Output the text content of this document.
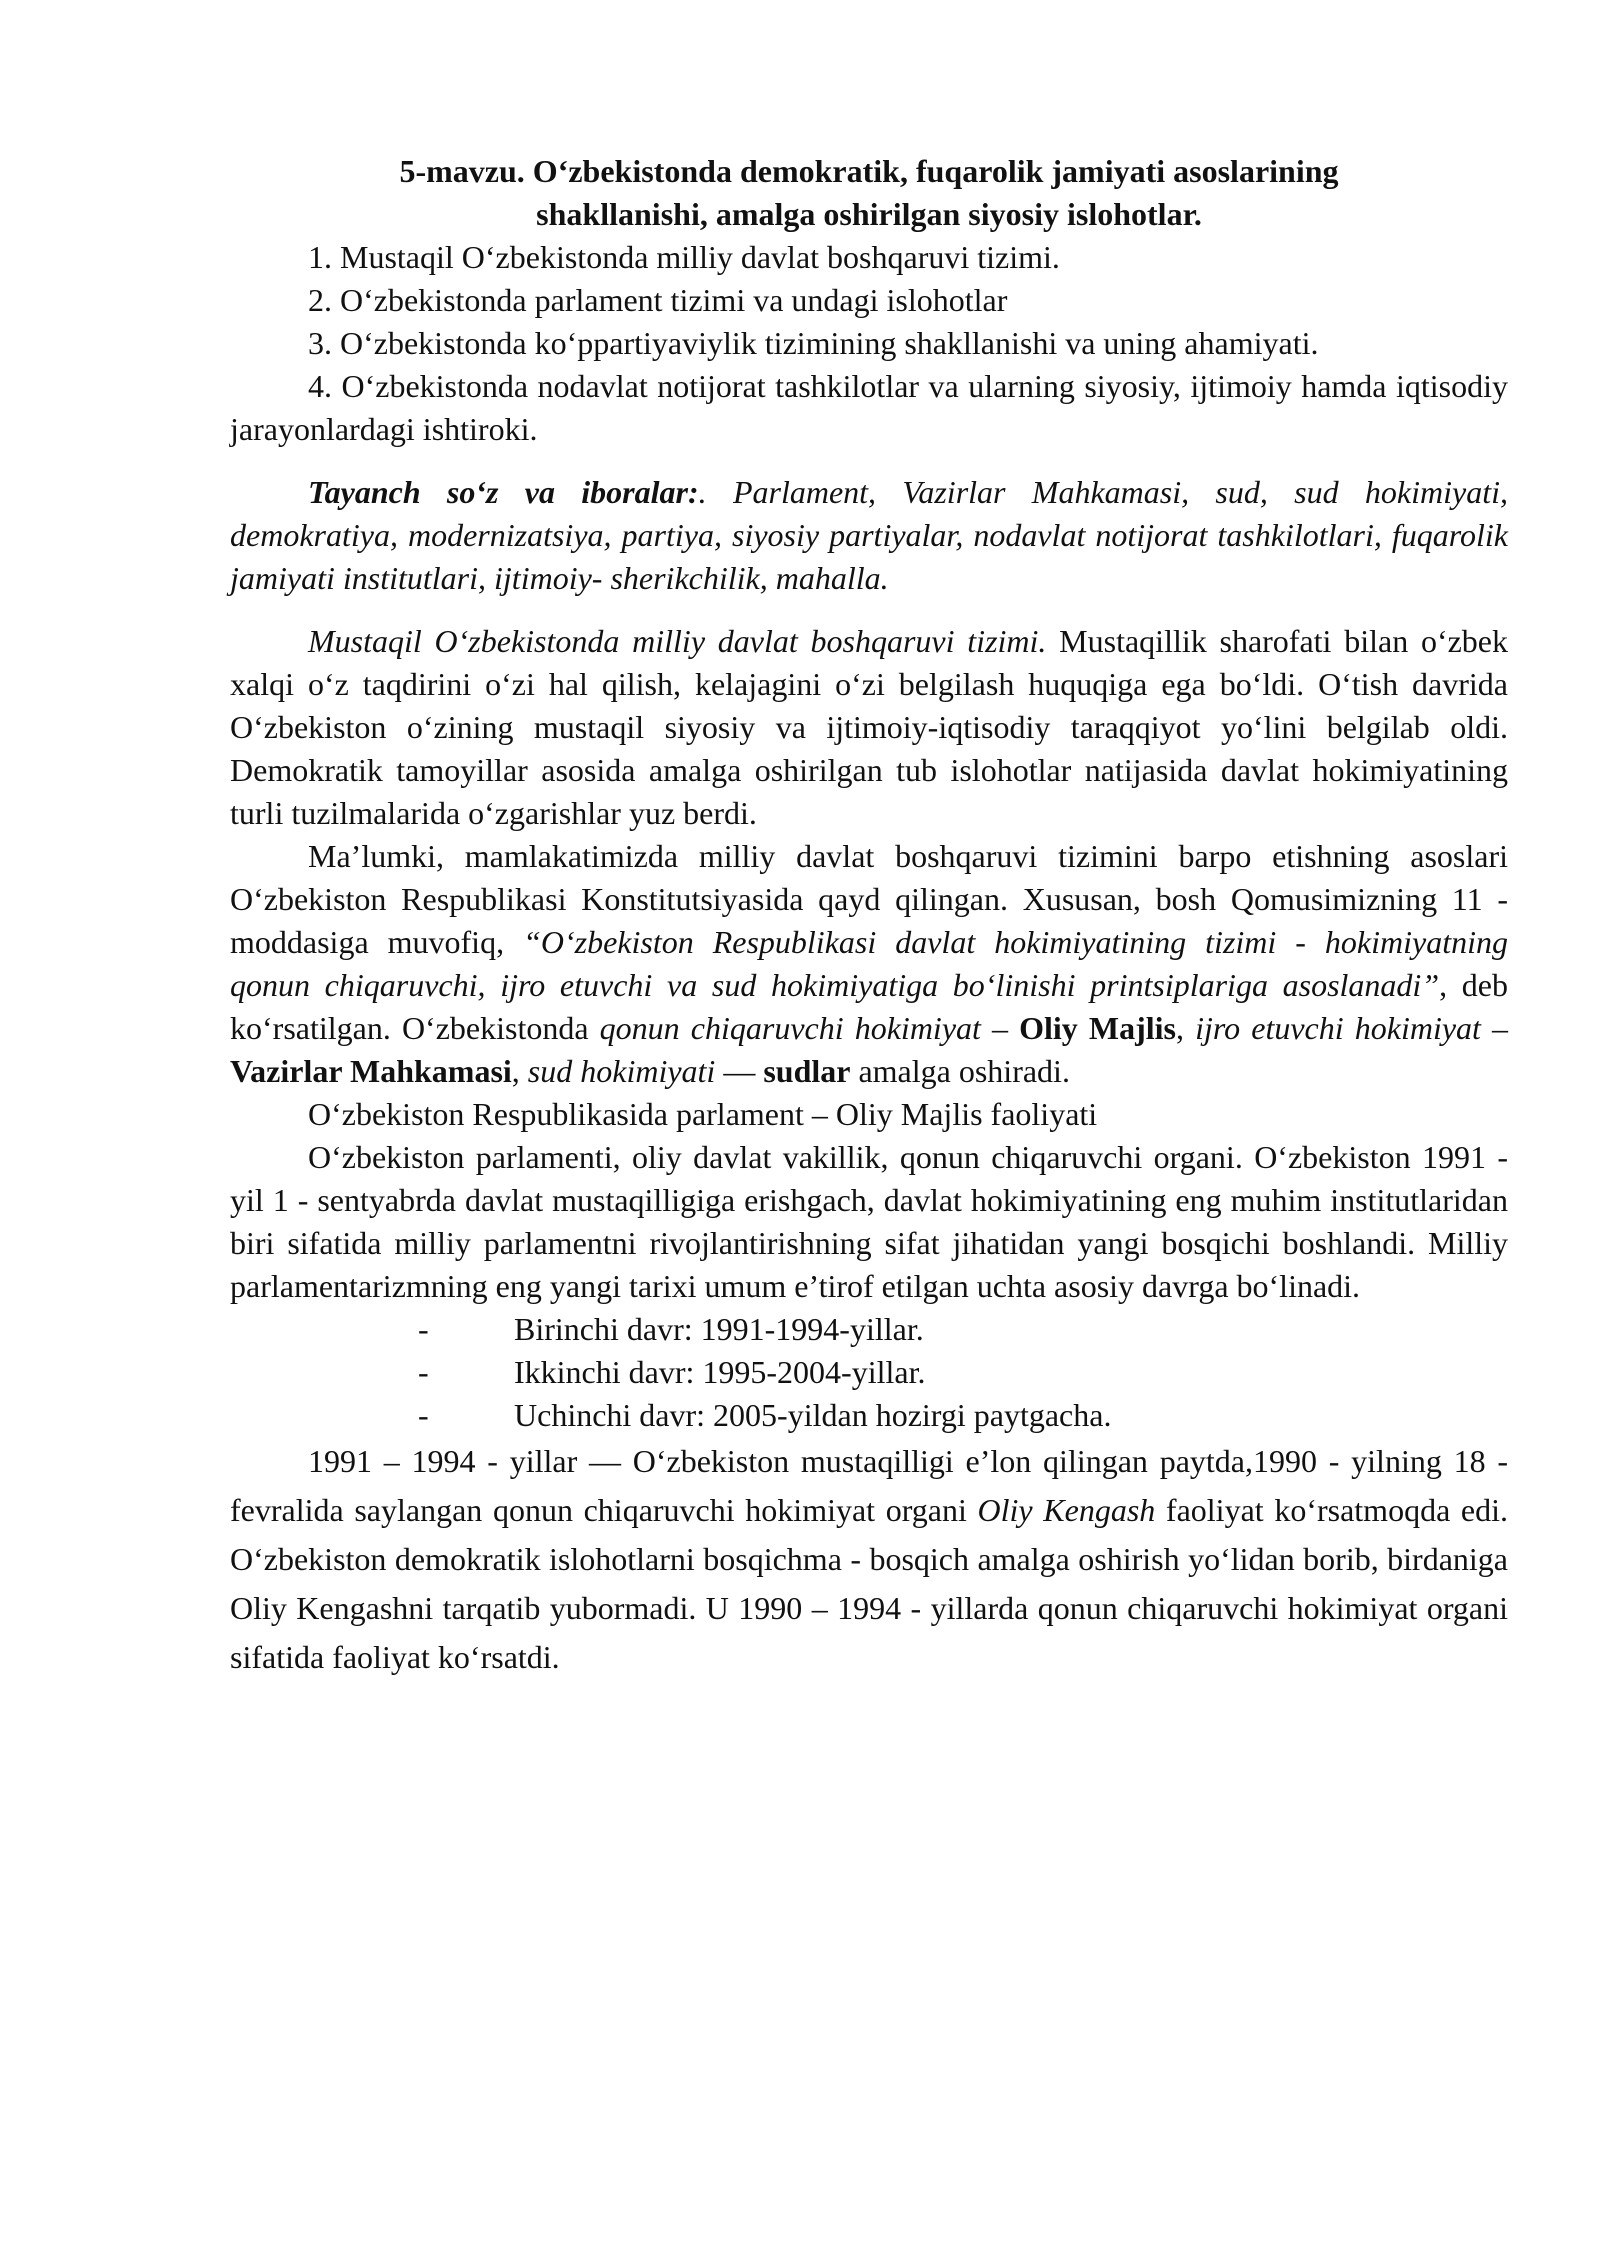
5-mavzu. O‘zbekistonda demokratik, fuqarolik jamiyati asoslarining
shakllanishi, amalga oshirilgan siyosiy islohotlar.

1. Mustaqil O‘zbekistonda milliy davlat boshqaruvi tizimi.

2. O‘zbekistonda parlament tizimi va undagi islohotlar

3. O‘zbekistonda ko‘ppartiyaviylik tizimining shakllanishi va uning ahamiyati.

4. O‘zbekistonda nodavlat notijorat tashkilotlar va ularning siyosiy, ijtimoiy hamda iqtisodiy jarayonlardagi ishtiroki.

Tayanch so‘z va iboralar:. Parlament, Vazirlar Mahkamasi, sud, sud hokimiyati, demokratiya, modernizatsiya, partiya, siyosiy partiyalar, nodavlat notijorat tashkilotlari, fuqarolik jamiyati institutlari, ijtimoiy- sherikchilik, mahalla.

Mustaqil O‘zbekistonda milliy davlat boshqaruvi tizimi. Mustaqillik sharofati bilan o‘zbek xalqi o‘z taqdirini o‘zi hal qilish, kelajagini o‘zi belgilash huquqiga ega bo‘ldi. O‘tish davrida O‘zbekiston o‘zining mustaqil siyosiy va ijtimoiy-iqtisodiy taraqqiyot yo‘lini belgilab oldi. Demokratik tamoyillar asosida amalga oshirilgan tub islohotlar natijasida davlat hokimiyatining turli tuzilmalarida o‘zgarishlar yuz berdi.

Ma’lumki, mamlakatimizda milliy davlat boshqaruvi tizimini barpo etishning asoslari O‘zbekiston Respublikasi Konstitutsiyasida qayd qilingan. Xususan, bosh Qomusimizning 11 - moddasiga muvofiq, “O‘zbekiston Respublikasi davlat hokimiyatining tizimi - hokimiyatning qonun chiqaruvchi, ijro etuvchi va sud hokimiyatiga bo‘linishi printsiplariga asoslanadi”, deb ko‘rsatilgan. O‘zbekistonda qonun chiqaruvchi hokimiyat – Oliy Majlis, ijro etuvchi hokimiyat – Vazirlar Mahkamasi, sud hokimiyati — sudlar amalga oshiradi.

O‘zbekiston Respublikasida parlament – Oliy Majlis faoliyati

O‘zbekiston parlamenti, oliy davlat vakillik, qonun chiqaruvchi organi. O‘zbekiston 1991 - yil 1 - sentyabrda davlat mustaqilligiga erishgach, davlat hokimiyatining eng muhim institutlaridan biri sifatida milliy parlamentni rivojlantirishning sifat jihatidan yangi bosqichi boshlandi. Milliy parlamentarizmning eng yangi tarixi umum e’tirof etilgan uchta asosiy davrga bo‘linadi.

-	Birinchi davr: 1991-1994-yillar.
-	Ikkinchi davr: 1995-2004-yillar.
-	Uchinchi davr: 2005-yildan hozirgi paytgacha.

1991 – 1994 - yillar — O‘zbekiston mustaqilligi e’lon qilingan paytda,1990 - yilning 18 - fevralida saylangan qonun chiqaruvchi hokimiyat organi Oliy Kengash faoliyat ko‘rsatmoqda edi. O‘zbekiston demokratik islohotlarni bosqichma - bosqich amalga oshirish yo‘lidan borib, birdaniga Oliy Kengashni tarqatib yubormadi. U 1990 – 1994 - yillarda qonun chiqaruvchi hokimiyat organi sifatida faoliyat ko‘rsatdi.
